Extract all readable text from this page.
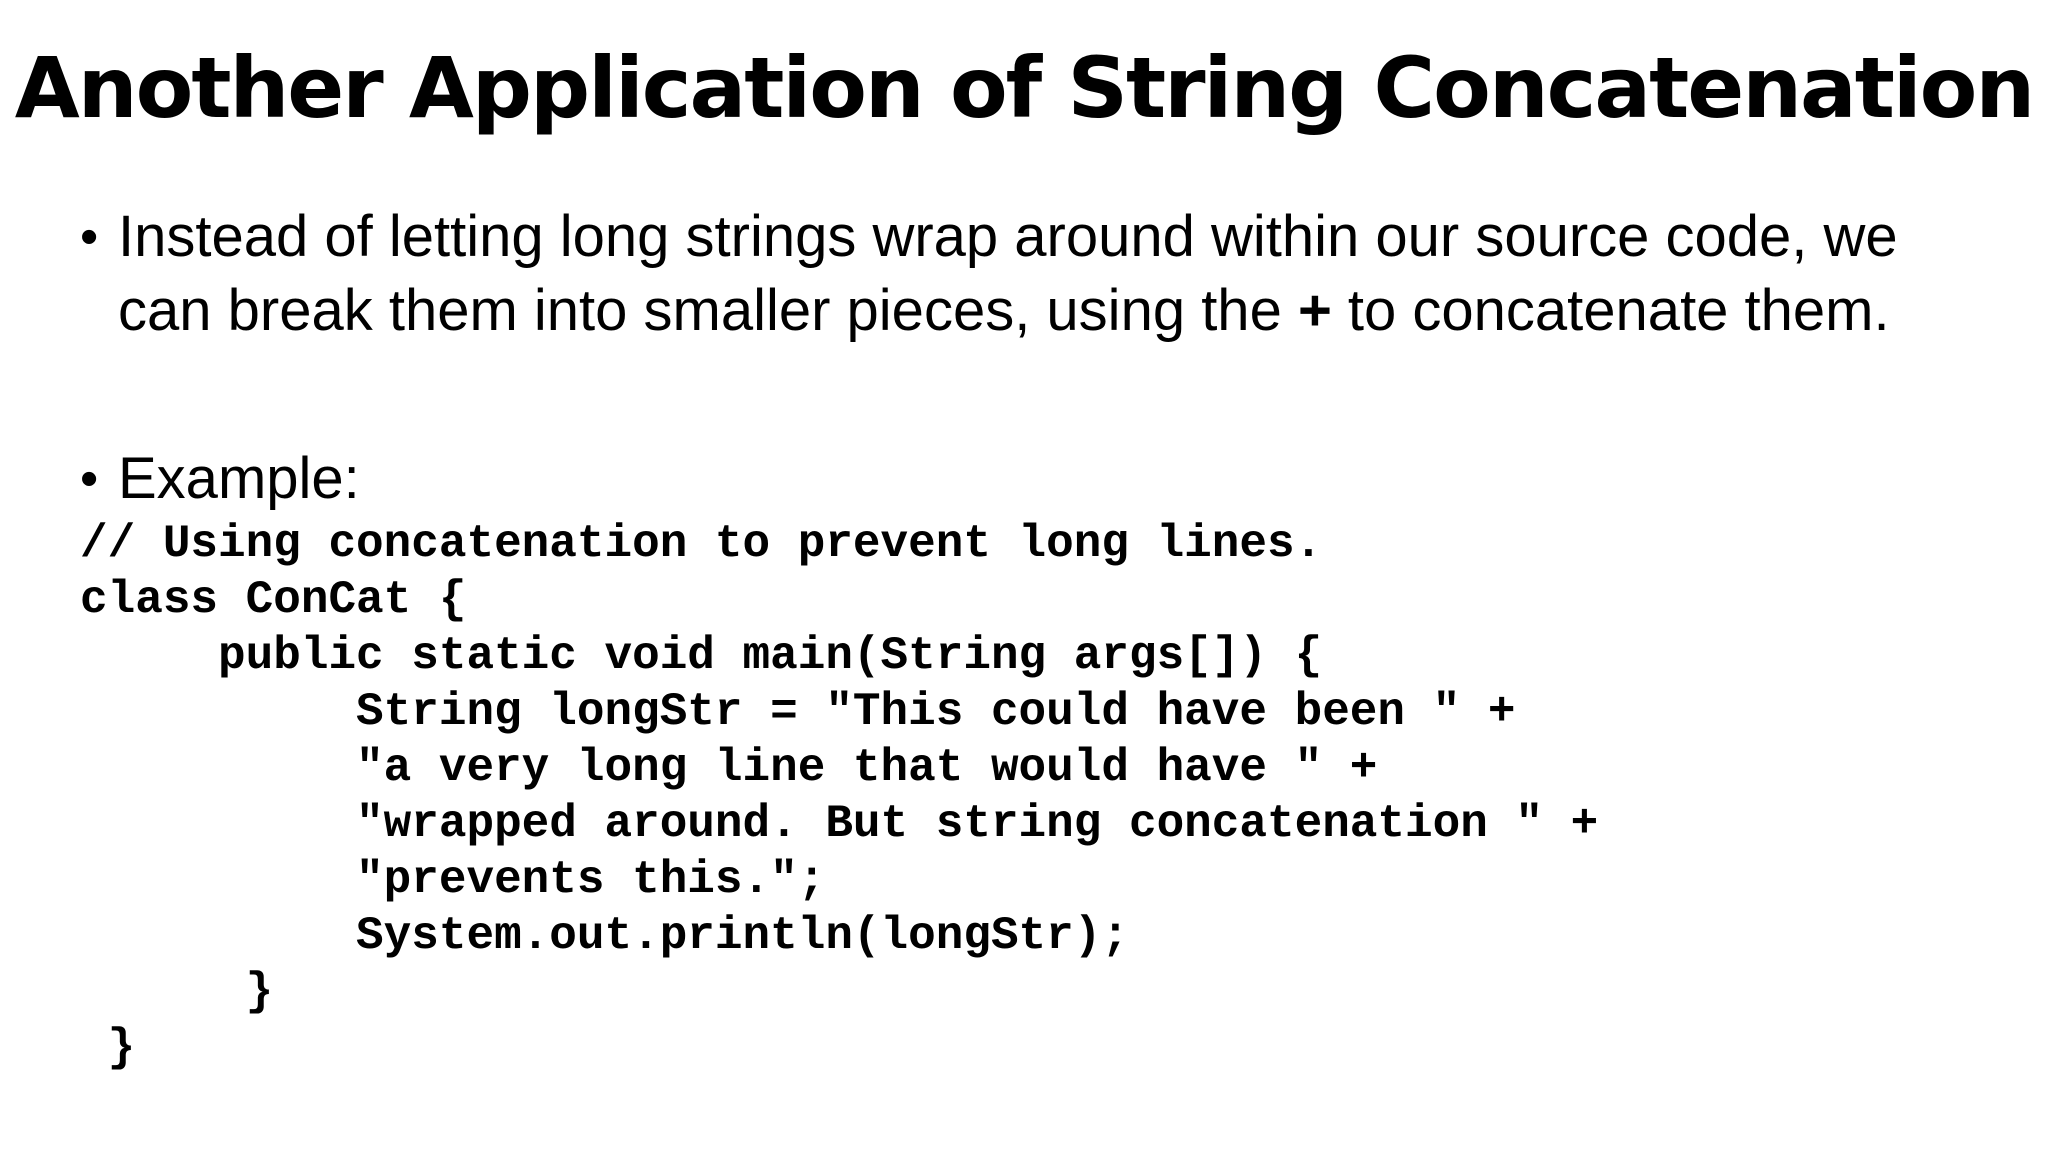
Another Application of String Concatenation
• Instead of letting long strings wrap around within our source code, we can break them into smaller pieces, using the + to concatenate them.
• Example:
// Using concatenation to prevent long lines.
class ConCat {
public static void main(String args[]) {
String longStr = "This could have been " +
"a very long line that would have " +
"wrapped around. But string concatenation " +
"prevents this.";
System.out.println(longStr);
}
}
